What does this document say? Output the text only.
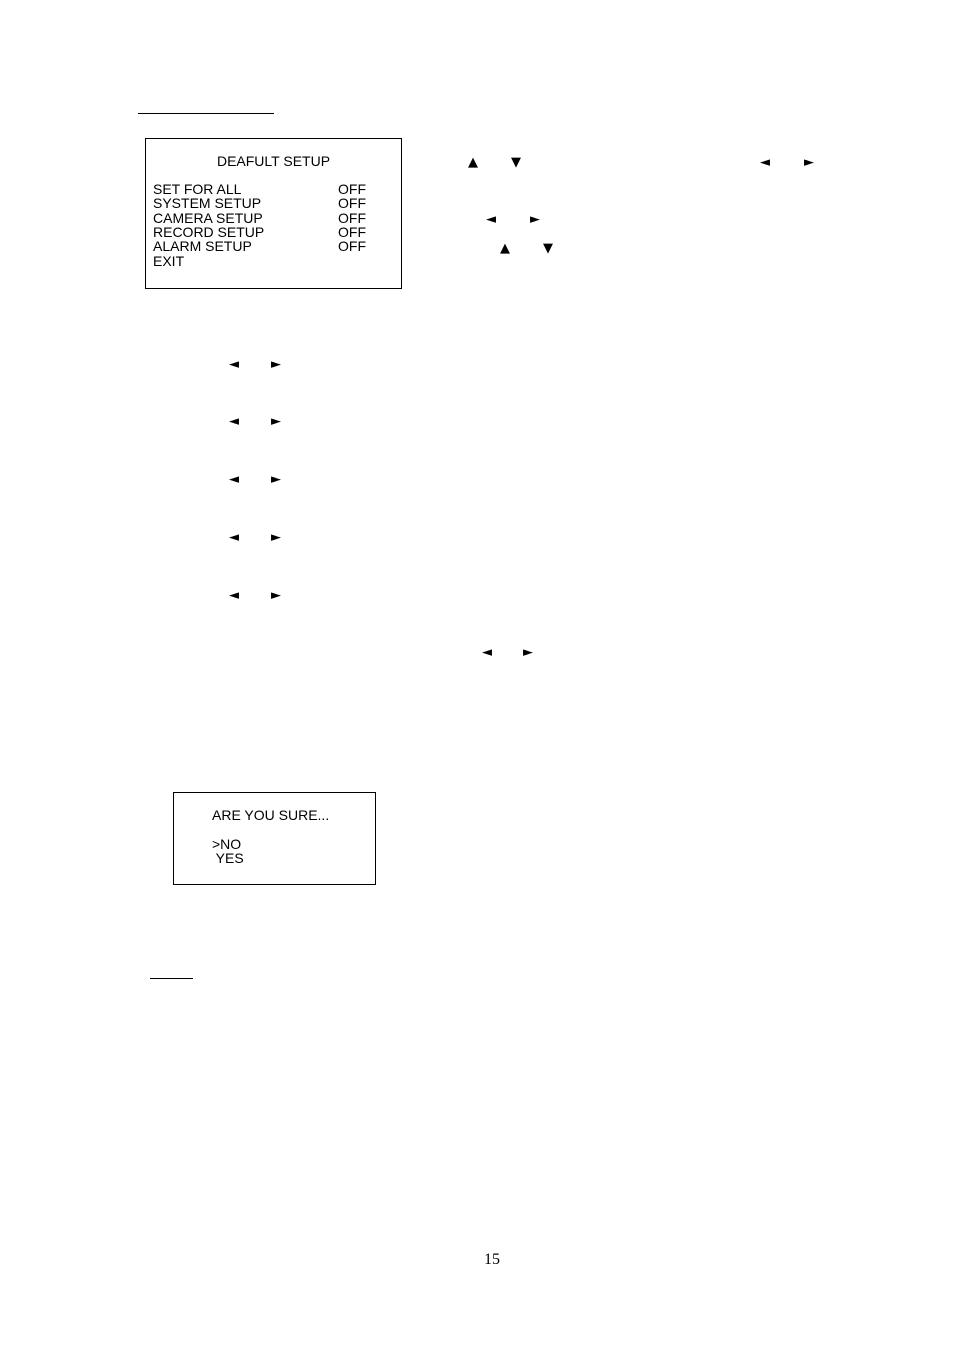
DEAFULT SETUP
SET FOR ALL	OFF
SYSTEM SETUP	OFF
CAMERA SETUP	OFF
RECORD SETUP	OFF
ALARM SETUP	OFF
EXIT
▲	▼	◄	►
◄	►
▲	▼
◄ ►
◄ ►
◄ ►
◄ ►
◄ ►
◄ ►
ARE YOU SURE...
>NO
YES
15
